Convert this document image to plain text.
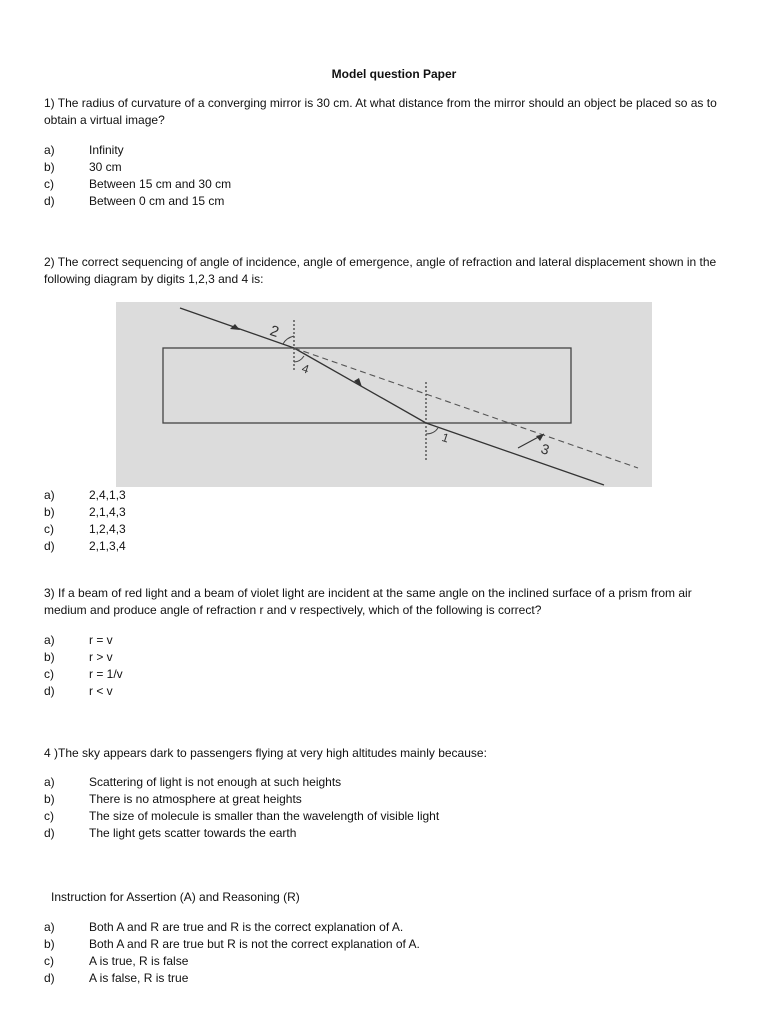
Model question Paper
1) The radius of curvature of a converging mirror is 30 cm. At what distance from the mirror should an object be placed so as to obtain a virtual image?
a)	Infinity
b)	30 cm
c)	Between 15 cm and 30 cm
d)	Between 0 cm and 15 cm
2) The correct sequencing of angle of incidence, angle of emergence, angle of refraction and lateral displacement shown in the following diagram by digits 1,2,3 and 4 is:
2
4
1
3
a)	2,4,1,3
b)	2,1,4,3
c)	1,2,4,3
d)	2,1,3,4
3) If a beam of red light and a beam of violet light are incident at the same angle on the inclined surface of a prism from air medium and produce angle of refraction r and v respectively, which of the following is correct?
a)	r = v
b)	r > v
c)	r = 1/v
d)	r < v
4 )The sky appears dark to passengers flying at very high altitudes mainly because:
a)	Scattering of light is not enough at such heights
b)	There is no atmosphere at great heights
c)	The size of molecule is smaller than the wavelength of visible light
d)	The light gets scatter towards the earth
Instruction for Assertion (A) and Reasoning (R)
a)	Both A and R are true and R is the correct explanation of A.
b)	Both A and R are true but R is not the correct explanation of A.
c)	A is true, R is false
d)	A is false, R is true
